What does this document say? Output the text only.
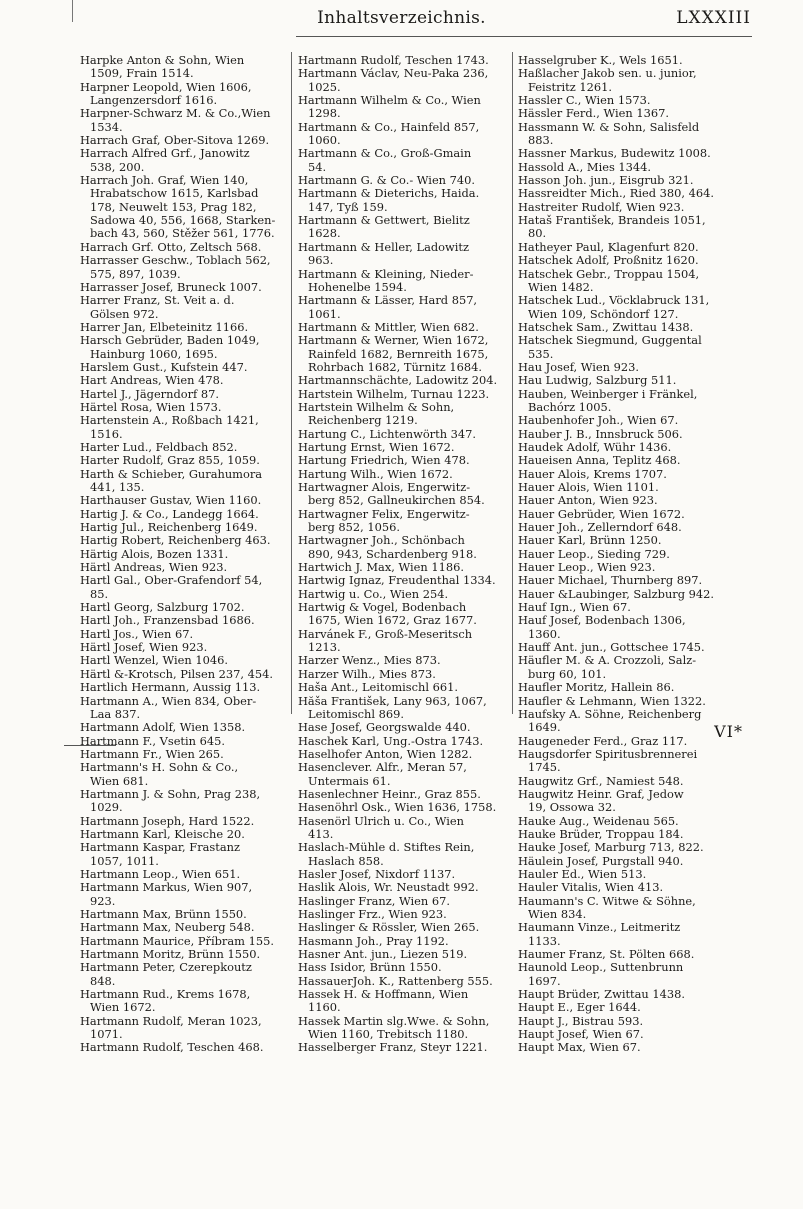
Inhaltsverzeichnis.	LXXXIII
Harpke Anton & Sohn, Wien
1509, Frain 1514.
Harpner Leopold, Wien 1606,
Langenzersdorf 1616.
Harpner-Schwarz M. & Co.,Wien
1534.
Harrach Graf, Ober-Sitova 1269.
Harrach Alfred Grf., Janowitz
538, 200.
Harrach Joh. Graf, Wien 140,
Hrabatschow 1615, Karlsbad
178, Neuwelt 153, Prag 182,
Sadowa 40, 556, 1668, Starken-
bach 43, 560, Stěžer 561, 1776.
Harrach Grf. Otto, Zeltsch 568.
Harrasser Geschw., Toblach 562,
575, 897, 1039.
Harrasser Josef, Bruneck 1007.
Harrer Franz, St. Veit a. d.
Gölsen 972.
Harrer Jan, Elbeteinitz 1166.
Harsch Gebrüder, Baden 1049,
Hainburg 1060, 1695.
Harslem Gust., Kufstein 447.
Hart Andreas, Wien 478.
Hartel J., Jägerndorf 87.
Härtel Rosa, Wien 1573.
Hartenstein A., Roßbach 1421,
1516.
Harter Lud., Feldbach 852.
Harter Rudolf, Graz 855, 1059.
Harth & Schieber, Gurahumora
441, 135.
Harthauser Gustav, Wien 1160.
Hartig J. & Co., Landegg 1664.
Hartig Jul., Reichenberg 1649.
Hartig Robert, Reichenberg 463.
Härtig Alois, Bozen 1331.
Härtl Andreas, Wien 923.
Hartl Gal., Ober-Grafendorf 54,
85.
Hartl Georg, Salzburg 1702.
Hartl Joh., Franzensbad 1686.
Hartl Jos., Wien 67.
Härtl Josef, Wien 923.
Hartl Wenzel, Wien 1046.
Härtl &-Krotsch, Pilsen 237, 454.
Hartlich Hermann, Aussig 113.
Hartmann A., Wien 834, Ober-
Laa 837.
Hartmann Adolf, Wien 1358.
Hartmann F., Vsetin 645.
Hartmann Fr., Wien 265.
Hartmann's H. Sohn & Co.,
Wien 681.
Hartmann J. & Sohn, Prag 238,
1029.
Hartmann Joseph, Hard 1522.
Hartmann Karl, Kleische 20.
Hartmann Kaspar, Frastanz
1057, 1011.
Hartmann Leop., Wien 651.
Hartmann Markus, Wien 907,
923.
Hartmann Max, Brünn 1550.
Hartmann Max, Neuberg 548.
Hartmann Maurice, Příbram 155.
Hartmann Moritz, Brünn 1550.
Hartmann Peter, Czerepkoutz
848.
Hartmann Rud., Krems 1678,
Wien 1672.
Hartmann Rudolf, Meran 1023,
1071.
Hartmann Rudolf, Teschen 468.
Hartmann Rudolf, Teschen 1743.
Hartmann Václav, Neu-Paka 236,
1025.
Hartmann Wilhelm & Co., Wien
1298.
Hartmann & Co., Hainfeld 857,
1060.
Hartmann & Co., Groß-Gmain
54.
Hartmann G. & Co.- Wien 740.
Hartmann & Dieterichs, Haida.
147, Tyß 159.
Hartmann & Gettwert, Bielitz
1628.
Hartmann & Heller, Ladowitz
963.
Hartmann & Kleining, Nieder-
Hohenelbe 1594.
Hartmann & Lässer, Hard 857,
1061.
Hartmann & Mittler, Wien 682.
Hartmann & Werner, Wien 1672,
Rainfeld 1682, Bernreith 1675,
Rohrbach 1682, Türnitz 1684.
Hartmannschächte, Ladowitz 204.
Hartstein Wilhelm, Turnau 1223.
Hartstein Wilhelm & Sohn,
Reichenberg 1219.
Hartung C., Lichtenwörth 347.
Hartung Ernst, Wien 1672.
Hartung Friedrich, Wien 478.
Hartung Wilh., Wien 1672.
Hartwagner Alois, Engerwitz-
berg 852, Gallneukirchen 854.
Hartwagner Felix, Engerwitz-
berg 852, 1056.
Hartwagner Joh., Schönbach
890, 943, Schardenberg 918.
Hartwich J. Max, Wien 1186.
Hartwig Ignaz, Freudenthal 1334.
Hartwig u. Co., Wien 254.
Hartwig & Vogel, Bodenbach
1675, Wien 1672, Graz 1677.
Harvánek F., Groß-Meseritsch
1213.
Harzer Wenz., Mies 873.
Harzer Wilh., Mies 873.
Haša Ant., Leitomischl 661.
Hăša František, Lany 963, 1067,
Leitomischl 869.
Hase Josef, Georgswalde 440.
Haschek Karl, Ung.-Ostra 1743.
Haselhofer Anton, Wien 1282.
Hasenclever. Alfr., Meran 57,
Untermais 61.
Hasenlechner Heinr., Graz 855.
Hasenöhrl Osk., Wien 1636, 1758.
Hasenörl Ulrich u. Co., Wien
413.
Haslach-Mühle d. Stiftes Rein,
Haslach 858.
Hasler Josef, Nixdorf 1137.
Haslik Alois, Wr. Neustadt 992.
Haslinger Franz, Wien 67.
Haslinger Frz., Wien 923.
Haslinger & Rössler, Wien 265.
Hasmann Joh., Pray 1192.
Hasner Ant. jun., Liezen 519.
Hass Isidor, Brünn 1550.
HassauerJoh. K., Rattenberg 555.
Hassek H. & Hoffmann, Wien
1160.
Hassek Martin slg.Wwe. & Sohn,
Wien 1160, Trebitsch 1180.
Hasselberger Franz, Steyr 1221.
Hasselgruber K., Wels 1651.
Haßlacher Jakob sen. u. junior,
Feistritz 1261.
Hassler C., Wien 1573.
Hässler Ferd., Wien 1367.
Hassmann W. & Sohn, Salisfeld
883.
Hassner Markus, Budewitz 1008.
Hassold A., Mies 1344.
Hasson Joh. jun., Eisgrub 321.
Hassreidter Mich., Ried 380, 464.
Hastreiter Rudolf, Wien 923.
Hataš František, Brandeis 1051,
80.
Hatheyer Paul, Klagenfurt 820.
Hatschek Adolf, Proßnitz 1620.
Hatschek Gebr., Troppau 1504,
Wien 1482.
Hatschek Lud., Vöcklabruck 131,
Wien 109, Schöndorf 127.
Hatschek Sam., Zwittau 1438.
Hatschek Siegmund, Guggental
535.
Hau Josef, Wien 923.
Hau Ludwig, Salzburg 511.
Hauben, Weinberger i Fränkel,
Bachórz 1005.
Haubenhofer Joh., Wien 67.
Hauber J. B., Innsbruck 506.
Haudek Adolf, Wühr 1436.
Haueisen Anna, Teplitz 468.
Hauer Alois, Krems 1707.
Hauer Alois, Wien 1101.
Hauer Anton, Wien 923.
Hauer Gebrüder, Wien 1672.
Hauer Joh., Zellerndorf 648.
Hauer Karl, Brünn 1250.
Hauer Leop., Sieding 729.
Hauer Leop., Wien 923.
Hauer Michael, Thurnberg 897.
Hauer &Laubinger, Salzburg 942.
Hauf Ign., Wien 67.
Hauf Josef, Bodenbach 1306,
1360.
Hauff Ant. jun., Gottschee 1745.
Häufler M. & A. Crozzoli, Salz-
burg 60, 101.
Haufler Moritz, Hallein 86.
Haufler & Lehmann, Wien 1322.
Haufsky A. Söhne, Reichenberg
1649.
Haugeneder Ferd., Graz 117.
Haugsdorfer Spiritusbrennerei
1745.
Haugwitz Grf., Namiest 548.
Haugwitz Heinr. Graf, Jedow
19, Ossowa 32.
Hauke Aug., Weidenau 565.
Hauke Brüder, Troppau 184.
Hauke Josef, Marburg 713, 822.
Häulein Josef, Purgstall 940.
Hauler Ed., Wien 513.
Hauler Vitalis, Wien 413.
Haumann's C. Witwe & Söhne,
Wien 834.
Haumann Vinze., Leitmeritz
1133.
Haumer Franz, St. Pölten 668.
Haunold Leop., Suttenbrunn
1697.
Haupt Brüder, Zwittau 1438.
Haupt E., Eger 1644.
Haupt J., Bistrau 593.
Haupt Josef, Wien 67.
Haupt Max, Wien 67.
VI*
